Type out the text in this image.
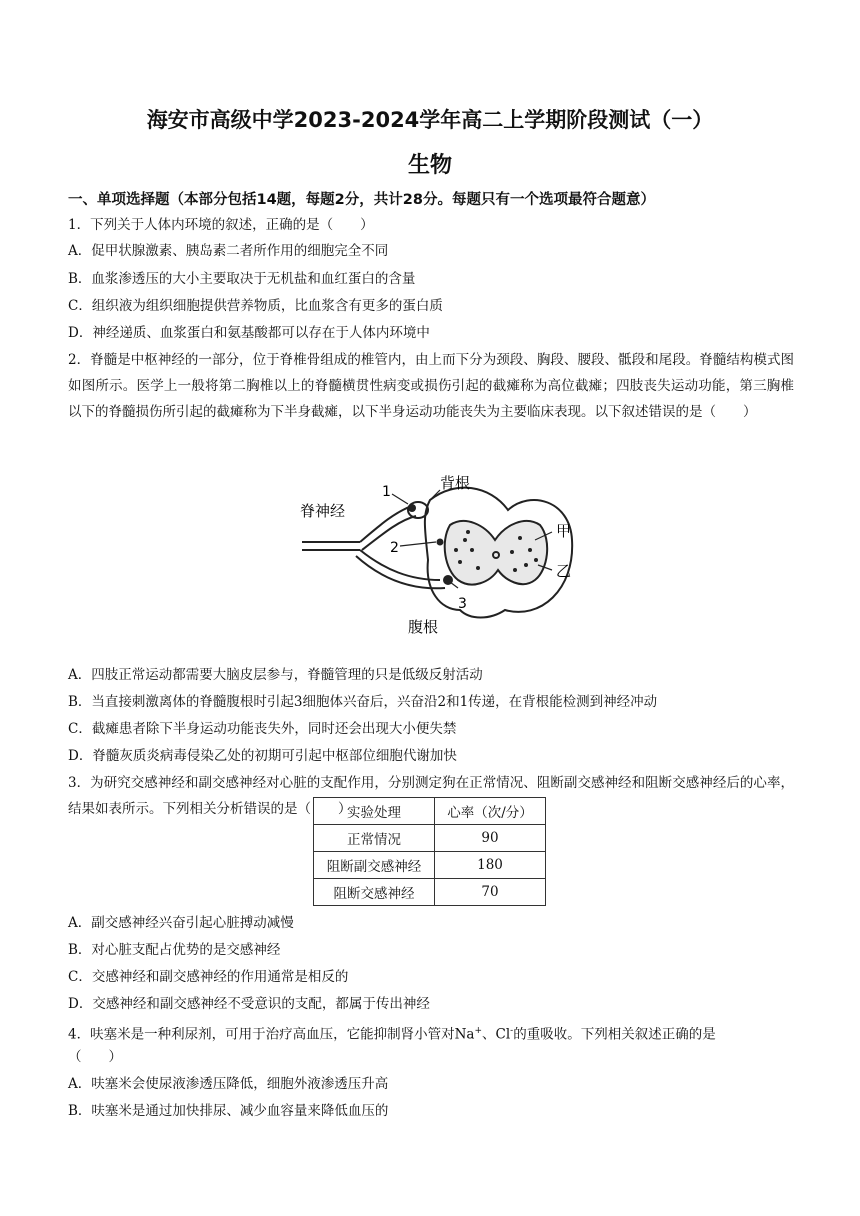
海安市高级中学2023-2024学年高二上学期阶段测试（一）
生物
一、单项选择题（本部分包括14题，每题2分，共计28分。每题只有一个选项最符合题意）
1．下列关于人体内环境的叙述，正确的是（　　）
A．促甲状腺激素、胰岛素二者所作用的细胞完全不同
B．血浆渗透压的大小主要取决于无机盐和血红蛋白的含量
C．组织液为组织细胞提供营养物质，比血浆含有更多的蛋白质
D．神经递质、血浆蛋白和氨基酸都可以存在于人体内环境中
2．脊髓是中枢神经的一部分，位于脊椎骨组成的椎管内，由上而下分为颈段、胸段、腰段、骶段和尾段。脊髓结构模式图如图所示。医学上一般将第二胸椎以上的脊髓横贯性病变或损伤引起的截瘫称为高位截瘫；四肢丧失运动功能，第三胸椎以下的脊髓损伤所引起的截瘫称为下半身截瘫，以下半身运动功能丧失为主要临床表现。以下叙述错误的是（　　）
脊神经
背根
腹根
1
2
3
甲
乙
A．四肢正常运动都需要大脑皮层参与，脊髓管理的只是低级反射活动
B．当直接刺激离体的脊髓腹根时引起3细胞体兴奋后，兴奋沿2和1传递，在背根能检测到神经冲动
C．截瘫患者除下半身运动功能丧失外，同时还会出现大小便失禁
D．脊髓灰质炎病毒侵染乙处的初期可引起中枢部位细胞代谢加快
3．为研究交感神经和副交感神经对心脏的支配作用，分别测定狗在正常情况、阻断副交感神经和阻断交感神经后的心率，结果如表所示。下列相关分析错误的是（　　）
实验处理	心率（次/分）
正常情况	90
阻断副交感神经	180
阻断交感神经	70
A．副交感神经兴奋引起心脏搏动减慢
B．对心脏支配占优势的是交感神经
C．交感神经和副交感神经的作用通常是相反的
D．交感神经和副交感神经不受意识的支配，都属于传出神经
4．呋塞米是一种利尿剂，可用于治疗高血压，它能抑制肾小管对Na+、Cl-的重吸收。下列相关叙述正确的是
（　　）
A．呋塞米会使尿液渗透压降低，细胞外液渗透压升高
B．呋塞米是通过加快排尿、减少血容量来降低血压的
